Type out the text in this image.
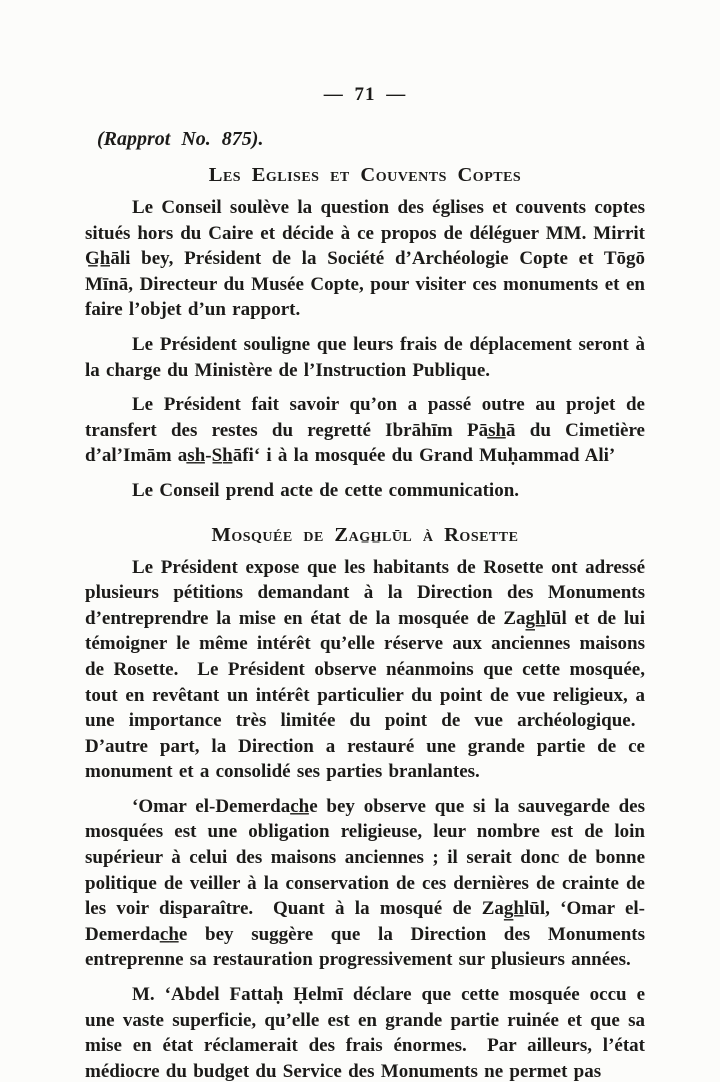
— 71 —
(Rapprot No. 875).
Les Eglises et Couvents Coptes

Le Conseil soulève la question des églises et couvents coptes situés hors du Caire et décide à ce propos de déléguer MM. Mirrit G̲h̲āli bey, Président de la Société d’Archéologie Copte et Tōgō Mīnā, Directeur du Musée Copte, pour visiter ces monuments et en faire l’objet d’un rapport.

Le Président souligne que leurs frais de déplacement seront à la charge du Ministère de l’Instruction Publique.

Le Président fait savoir qu’on a passé outre au projet de transfert des restes du regretté Ibrāhīm Pās̲h̲ā du Cimetière d’al’Imām as̲h̲-S̲h̲āfi‘ i à la mosquée du Grand Muḥammad Ali’

Le Conseil prend acte de cette communication.

Mosquée de Zag̲h̲lūl à Rosette

Le Président expose que les habitants de Rosette ont adressé plusieurs pétitions demandant à la Direction des Monuments d’entreprendre la mise en état de la mosquée de Zag̲h̲lūl et de lui témoigner le même intérêt qu’elle réserve aux anciennes maisons de Rosette.  Le Président observe néanmoins que cette mosquée, tout en revêtant un intérêt particulier du point de vue religieux, a une importance très limitée du point de vue archéologique.  D’autre part, la Direction a restauré une grande partie de ce monument et a consolidé ses parties branlantes.

‘Omar el-Demerdac̲h̲e bey observe que si la sauvegarde des mosquées est une obligation religieuse, leur nombre est de loin supérieur à celui des maisons anciennes ; il serait donc de bonne politique de veiller à la conservation de ces dernières de crainte de les voir disparaître.  Quant à la mosqué de Zag̲h̲lūl, ‘Omar el-Demerdac̲h̲e bey suggère que la Direction des Monuments entreprenne sa restauration progressivement sur plusieurs années.

M. ‘Abdel Fattaḥ Ḥelmī déclare que cette mosquée occu e une vaste superficie, qu’elle est en grande partie ruinée et que sa mise en état réclamerait des frais énormes.  Par ailleurs, l’état médiocre du budget du Service des Monuments ne permet pas
